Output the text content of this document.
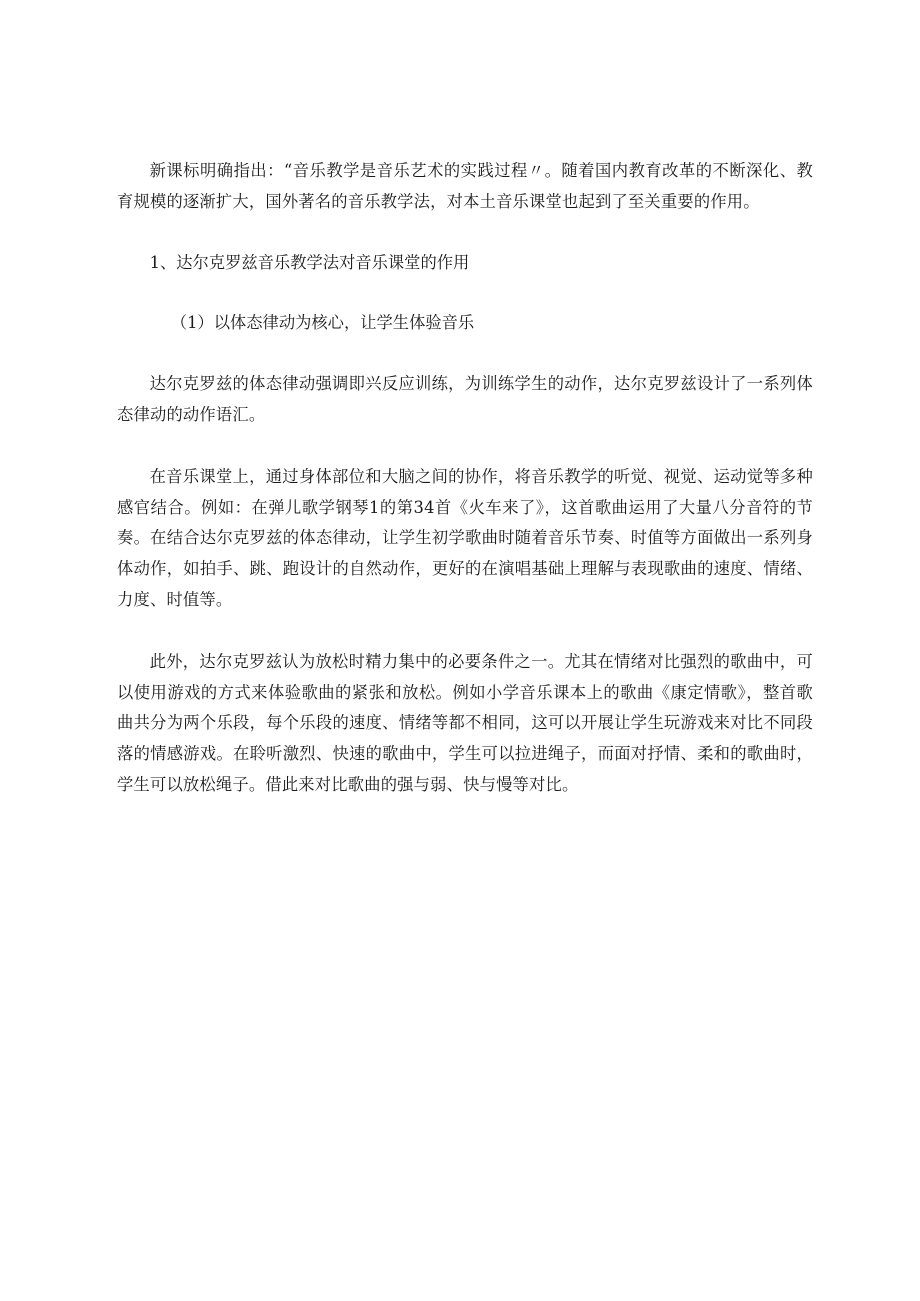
新课标明确指出：“音乐教学是音乐艺术的实践过程〃。随着国内教育改革的不断深化、教育规模的逐渐扩大，国外著名的音乐教学法，对本土音乐课堂也起到了至关重要的作用。

1、达尔克罗兹音乐教学法对音乐课堂的作用

（1）以体态律动为核心，让学生体验音乐

达尔克罗兹的体态律动强调即兴反应训练，为训练学生的动作，达尔克罗兹设计了一系列体态律动的动作语汇。

在音乐课堂上，通过身体部位和大脑之间的协作，将音乐教学的听觉、视觉、运动觉等多种感官结合。例如：在弹儿歌学钢琴1的第34首《火车来了》，这首歌曲运用了大量八分音符的节奏。在结合达尔克罗兹的体态律动，让学生初学歌曲时随着音乐节奏、时值等方面做出一系列身体动作，如拍手、跳、跑设计的自然动作，更好的在演唱基础上理解与表现歌曲的速度、情绪、力度、时值等。

此外，达尔克罗兹认为放松时精力集中的必要条件之一。尤其在情绪对比强烈的歌曲中，可以使用游戏的方式来体验歌曲的紧张和放松。例如小学音乐课本上的歌曲《康定情歌》，整首歌曲共分为两个乐段，每个乐段的速度、情绪等都不相同，这可以开展让学生玩游戏来对比不同段落的情感游戏。在聆听激烈、快速的歌曲中，学生可以拉进绳子，而面对抒情、柔和的歌曲时，学生可以放松绳子。借此来对比歌曲的强与弱、快与慢等对比。
